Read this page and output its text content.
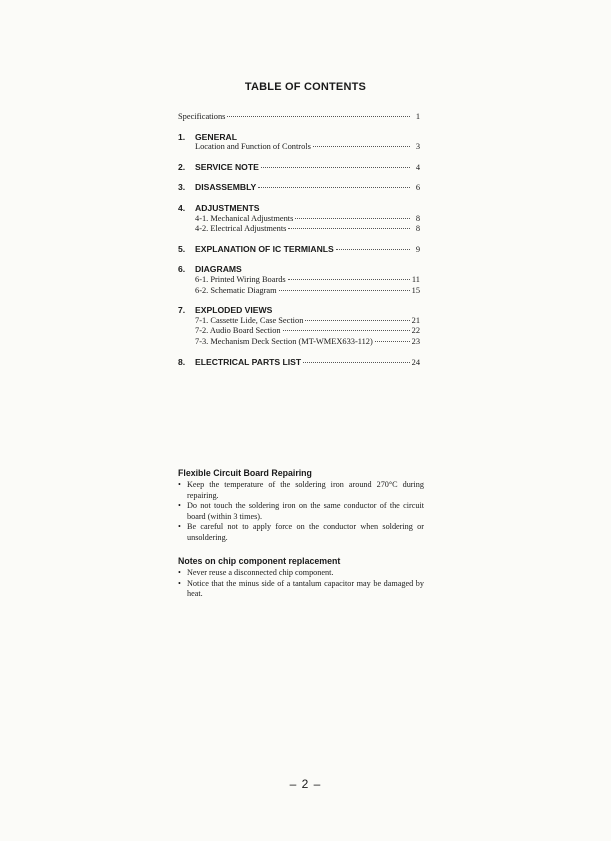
TABLE OF CONTENTS
Specifications	1
1.	GENERAL
Location and Function of Controls	3
2.	SERVICE NOTE	4
3.	DISASSEMBLY	6
4.	ADJUSTMENTS
4-1. Mechanical Adjustments	8
4-2. Electrical Adjustments	8
5.	EXPLANATION OF IC TERMIANLS	9
6.	DIAGRAMS
6-1. Printed Wiring Boards	11
6-2. Schematic Diagram	15
7.	EXPLODED VIEWS
7-1. Cassette Lide, Case Section	21
7-2. Audio Board Section	22
7-3. Mechanism Deck Section (MT-WMEX633-112)	23
8.	ELECTRICAL PARTS LIST	24
Flexible Circuit Board Repairing
• Keep the temperature of the soldering iron around 270°C during repairing.
• Do not touch the soldering iron on the same conductor of the circuit board (within 3 times).
• Be careful not to apply force on the conductor when soldering or unsoldering.
Notes on chip component replacement
• Never reuse a disconnected chip component.
• Notice that the minus side of a tantalum capacitor may be damaged by heat.
– 2 –
